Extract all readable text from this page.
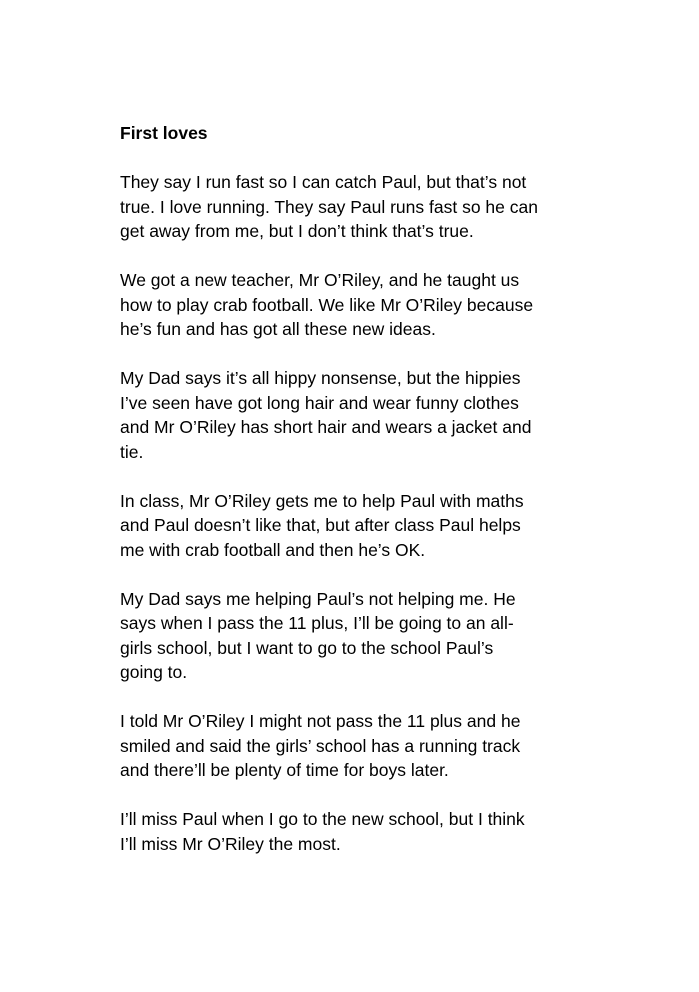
First loves

They say I run fast so I can catch Paul, but that’s not
true. I love running. They say Paul runs fast so he can
get away from me, but I don’t think that’s true.

We got a new teacher, Mr O’Riley, and he taught us
how to play crab football. We like Mr O’Riley because
he’s fun and has got all these new ideas.

My Dad says it’s all hippy nonsense, but the hippies
I’ve seen have got long hair and wear funny clothes
and Mr O’Riley has short hair and wears a jacket and
tie.

In class, Mr O’Riley gets me to help Paul with maths
and Paul doesn’t like that, but after class Paul helps
me with crab football and then he’s OK.

My Dad says me helping Paul’s not helping me. He
says when I pass the 11 plus, I’ll be going to an all-
girls school, but I want to go to the school Paul’s
going to.

I told Mr O’Riley I might not pass the 11 plus and he
smiled and said the girls’ school has a running track
and there’ll be plenty of time for boys later.

I’ll miss Paul when I go to the new school, but I think
I’ll miss Mr O’Riley the most.
